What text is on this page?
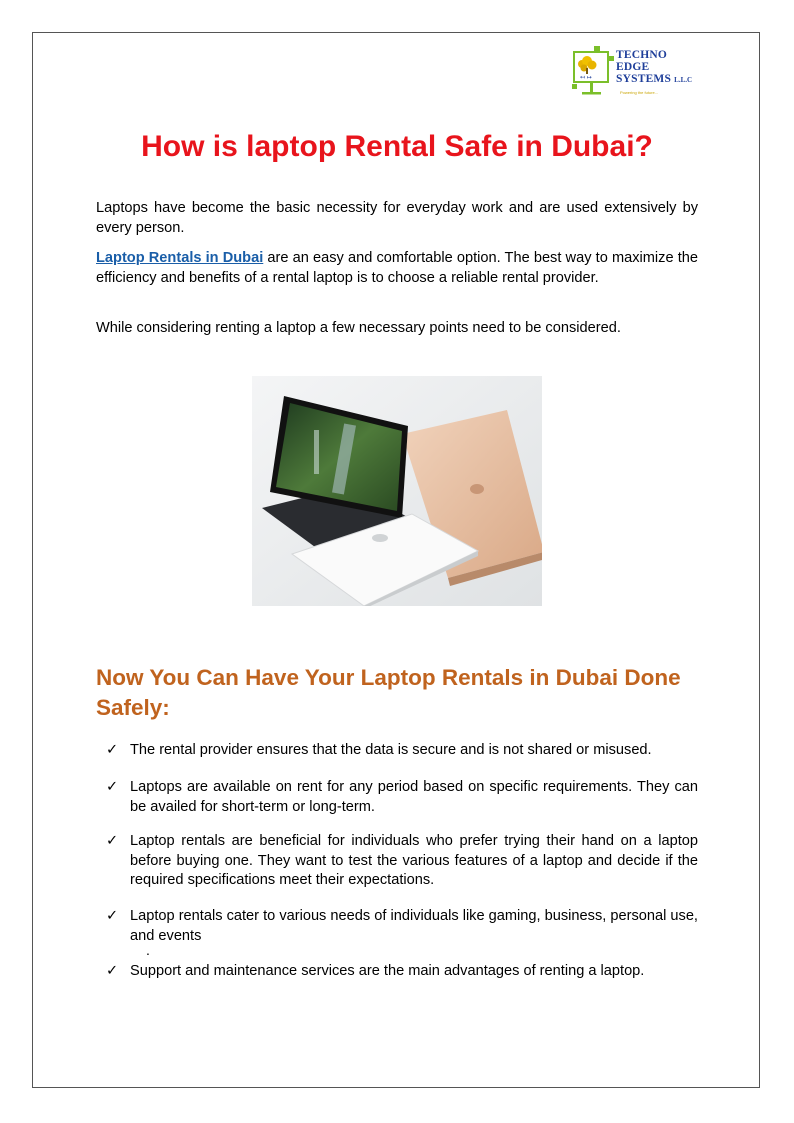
↤ ↦
TECHNO
EDGE
SYSTEMS L.L.C
Powering the future...
How is laptop Rental Safe in Dubai?

Laptops have become the basic necessity for everyday work and are used extensively by every person.

Laptop Rentals in Dubai are an easy and comfortable option. The best way to maximize the efficiency and benefits of a rental laptop is to choose a reliable rental provider.

While considering renting a laptop a few necessary points need to be considered.

Now You Can Have Your Laptop Rentals in Dubai Done Safely:
✓ The rental provider ensures that the data is secure and is not shared or misused.
✓ Laptops are available on rent for any period based on specific requirements. They can be availed for short-term or long-term.
✓ Laptop rentals are beneficial for individuals who prefer trying their hand on a laptop before buying one. They want to test the various features of a laptop and decide if the required specifications meet their expectations.
✓ Laptop rentals cater to various needs of individuals like gaming, business, personal use, and events
.
✓ Support and maintenance services are the main advantages of renting a laptop.
